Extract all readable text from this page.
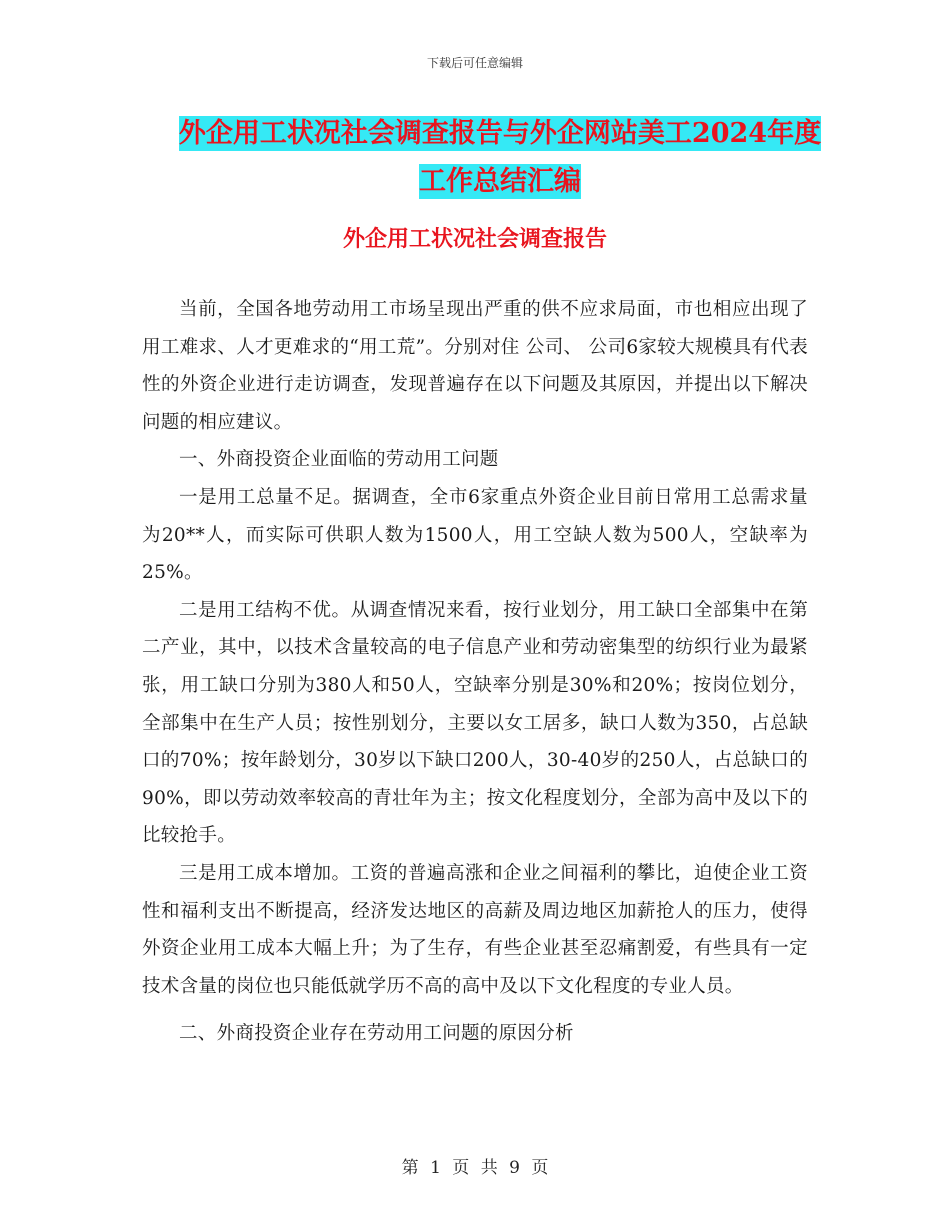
下载后可任意编辑
外企用工状况社会调查报告与外企网站美工2024年度
工作总结汇编
外企用工状况社会调查报告

当前，全国各地劳动用工市场呈现出严重的供不应求局面，市也相应出现了用工难求、人才更难求的“用工荒”。分别对住 公司、 公司6家较大规模具有代表性的外资企业进行走访调查，发现普遍存在以下问题及其原因，并提出以下解决问题的相应建议。

一、外商投资企业面临的劳动用工问题

一是用工总量不足。据调查，全市6家重点外资企业目前日常用工总需求量为20**人，而实际可供职人数为1500人，用工空缺人数为500人，空缺率为25%。

二是用工结构不优。从调查情况来看，按行业划分，用工缺口全部集中在第二产业，其中，以技术含量较高的电子信息产业和劳动密集型的纺织行业为最紧张，用工缺口分别为380人和50人，空缺率分别是30%和20%；按岗位划分，全部集中在生产人员；按性别划分，主要以女工居多，缺口人数为350，占总缺口的70%；按年龄划分，30岁以下缺口200人，30-40岁的250人，占总缺口的90%，即以劳动效率较高的青壮年为主；按文化程度划分，全部为高中及以下的比较抢手。

三是用工成本增加。工资的普遍高涨和企业之间福利的攀比，迫使企业工资性和福利支出不断提高，经济发达地区的高薪及周边地区加薪抢人的压力，使得外资企业用工成本大幅上升；为了生存，有些企业甚至忍痛割爱，有些具有一定技术含量的岗位也只能低就学历不高的高中及以下文化程度的专业人员。

二、外商投资企业存在劳动用工问题的原因分析

第 1 页 共 9 页
